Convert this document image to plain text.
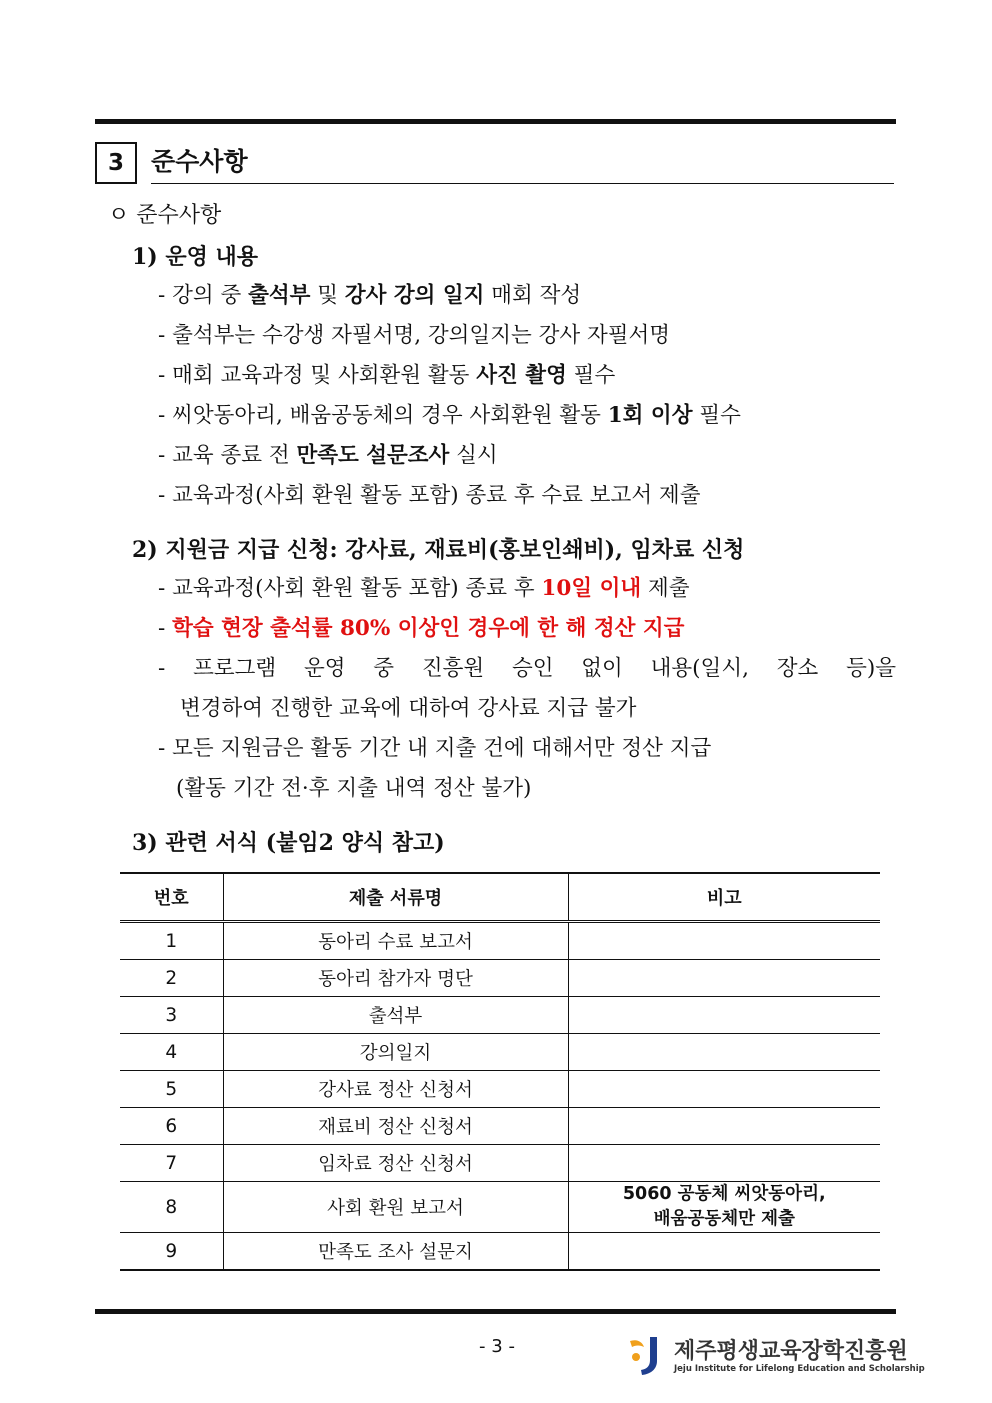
3	준수사항
ㅇ 준수사항
1) 운영 내용
- 강의 중 출석부 및 강사 강의 일지 매회 작성
- 출석부는 수강생 자필서명, 강의일지는 강사 자필서명
- 매회 교육과정 및 사회환원 활동 사진 촬영 필수
- 씨앗동아리, 배움공동체의 경우 사회환원 활동 1회 이상 필수
- 교육 종료 전 만족도 설문조사 실시
- 교육과정(사회 환원 활동 포함) 종료 후 수료 보고서 제출
2) 지원금 지급 신청: 강사료, 재료비(홍보인쇄비), 임차료 신청
- 교육과정(사회 환원 활동 포함) 종료 후 10일 이내 제출
- 학습 현장 출석률 80% 이상인 경우에 한 해 정산 지급
- 프로그램 운영 중 진흥원 승인 없이 내용(일시, 장소 등)을
변경하여 진행한 교육에 대하여 강사료 지급 불가
- 모든 지원금은 활동 기간 내 지출 건에 대해서만 정산 지급
(활동 기간 전·후 지출 내역 정산 불가)
3) 관련 서식 (붙임2 양식 참고)
번호	제출 서류명	비고
1	동아리 수료 보고서	
2	동아리 참가자 명단	
3	출석부	
4	강의일지	
5	강사료 정산 신청서	
6	재료비 정산 신청서	
7	임차료 정산 신청서	
8	사회 환원 보고서	5060 공동체 씨앗동아리,
배움공동체만 제출
9	만족도 조사 설문지	
- 3 -	제주평생교육장학진흥원
Jeju Institute for Lifelong Education and Scholarship
